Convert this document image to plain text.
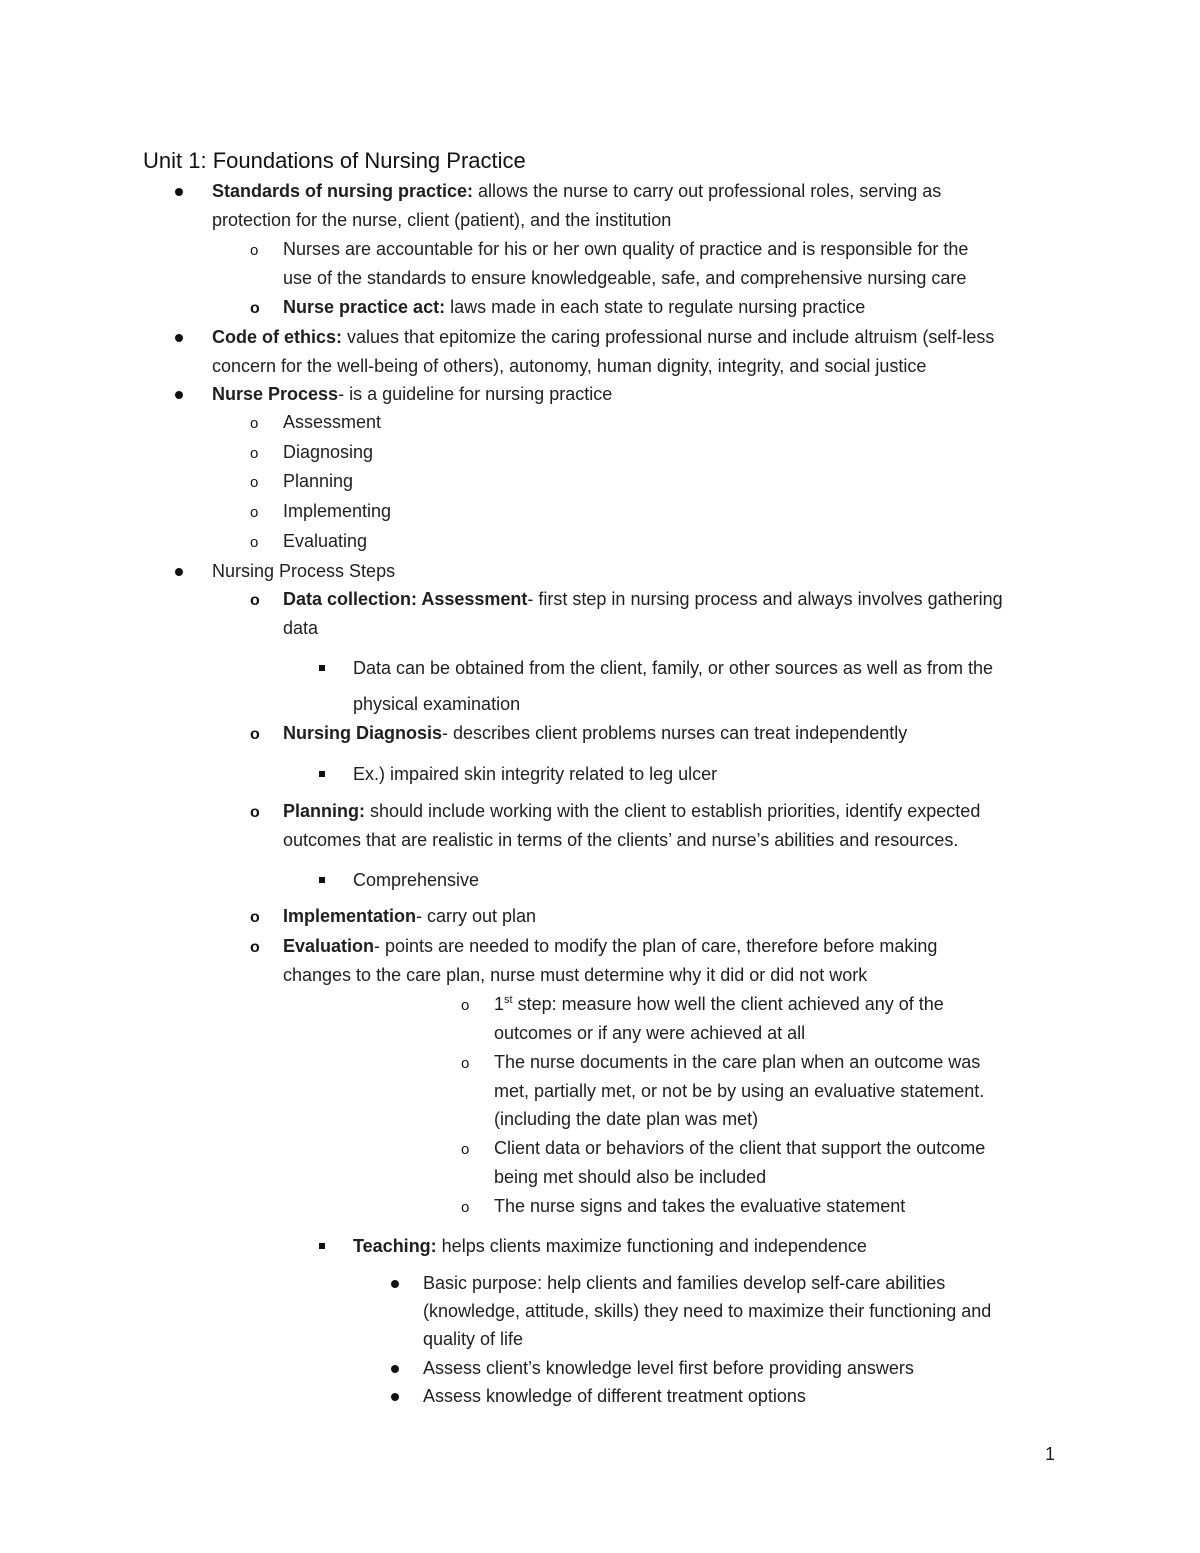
Unit 1: Foundations of Nursing Practice
Standards of nursing practice: allows the nurse to carry out professional roles, serving as
protection for the nurse, client (patient), and the institution
o Nurses are accountable for his or her own quality of practice and is responsible for the
use of the standards to ensure knowledgeable, safe, and comprehensive nursing care
o Nurse practice act: laws made in each state to regulate nursing practice
Code of ethics: values that epitomize the caring professional nurse and include altruism (self-less
concern for the well-being of others), autonomy, human dignity, integrity, and social justice
Nurse Process- is a guideline for nursing practice
o Assessment
o Diagnosing
o Planning
o Implementing
o Evaluating
Nursing Process Steps
o Data collection: Assessment- first step in nursing process and always involves gathering
data
Data can be obtained from the client, family, or other sources as well as from the
physical examination
o Nursing Diagnosis- describes client problems nurses can treat independently
Ex.) impaired skin integrity related to leg ulcer
o Planning: should include working with the client to establish priorities, identify expected
outcomes that are realistic in terms of the clients’ and nurse’s abilities and resources.
Comprehensive
o Implementation- carry out plan
o Evaluation- points are needed to modify the plan of care, therefore before making
changes to the care plan, nurse must determine why it did or did not work
o 1st step: measure how well the client achieved any of the
outcomes or if any were achieved at all
o The nurse documents in the care plan when an outcome was
met, partially met, or not be by using an evaluative statement.
(including the date plan was met)
o Client data or behaviors of the client that support the outcome
being met should also be included
o The nurse signs and takes the evaluative statement
Teaching: helps clients maximize functioning and independence
Basic purpose: help clients and families develop self-care abilities
(knowledge, attitude, skills) they need to maximize their functioning and
quality of life
Assess client’s knowledge level first before providing answers
Assess knowledge of different treatment options
1
